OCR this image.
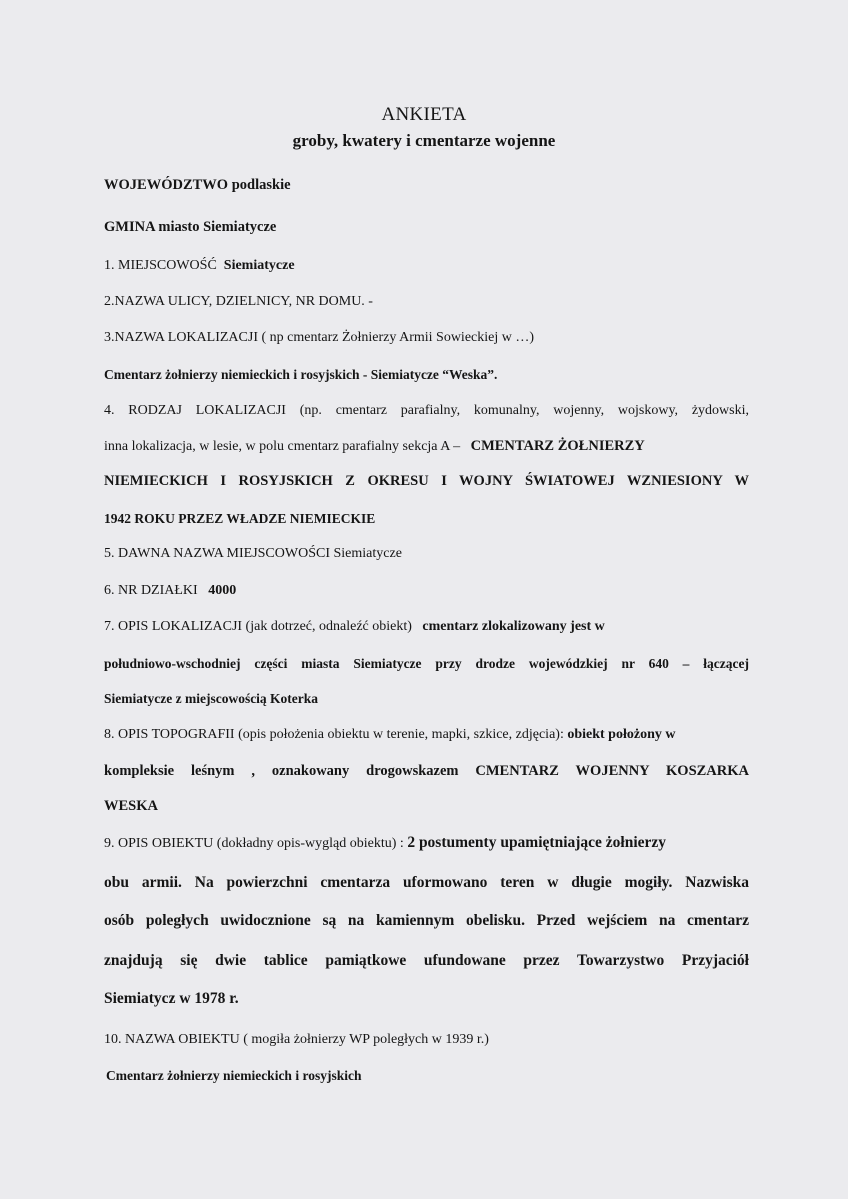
ANKIETA
groby, kwatery i cmentarze wojenne
WOJEWÓDZTWO podlaskie
GMINA miasto Siemiatycze
1. MIEJSCOWOŚĆ Siemiatycze
2.NAZWA ULICY, DZIELNICY, NR DOMU. -
3.NAZWA LOKALIZACJI ( np cmentarz Żołnierzy Armii Sowieckiej w …)
Cmentarz żołnierzy niemieckich i rosyjskich - Siemiatycze “Weska”.
4. RODZAJ LOKALIZACJI (np. cmentarz parafialny, komunalny, wojenny, wojskowy, żydowski,
inna lokalizacja, w lesie, w polu cmentarz parafialny sekcja A – CMENTARZ ŻOŁNIERZY
NIEMIECKICH I ROSYJSKICH Z OKRESU I WOJNY ŚWIATOWEJ WZNIESIONY W
1942 ROKU PRZEZ WŁADZE NIEMIECKIE
5. DAWNA NAZWA MIEJSCOWOŚCI Siemiatycze
6. NR DZIAŁKI 4000
7. OPIS LOKALIZACJI (jak dotrzeć, odnaleźć obiekt) cmentarz zlokalizowany jest w
południowo-wschodniej części miasta Siemiatycze przy drodze wojewódzkiej nr 640 – łączącej
Siemiatycze z miejscowością Koterka
8. OPIS TOPOGRAFII (opis położenia obiektu w terenie, mapki, szkice, zdjęcia): obiekt położony w
kompleksie leśnym , oznakowany drogowskazem CMENTARZ WOJENNY KOSZARKA
WESKA
9. OPIS OBIEKTU (dokładny opis-wygląd obiektu) : 2 postumenty upamiętniające żołnierzy
obu armii. Na powierzchni cmentarza uformowano teren w długie mogiły. Nazwiska
osób poległych uwidocznione są na kamiennym obelisku. Przed wejściem na cmentarz
znajdują się dwie tablice pamiątkowe ufundowane przez Towarzystwo Przyjaciół
Siemiatycz w 1978 r.
10. NAZWA OBIEKTU ( mogiła żołnierzy WP poległych w 1939 r.)
Cmentarz żołnierzy niemieckich i rosyjskich
